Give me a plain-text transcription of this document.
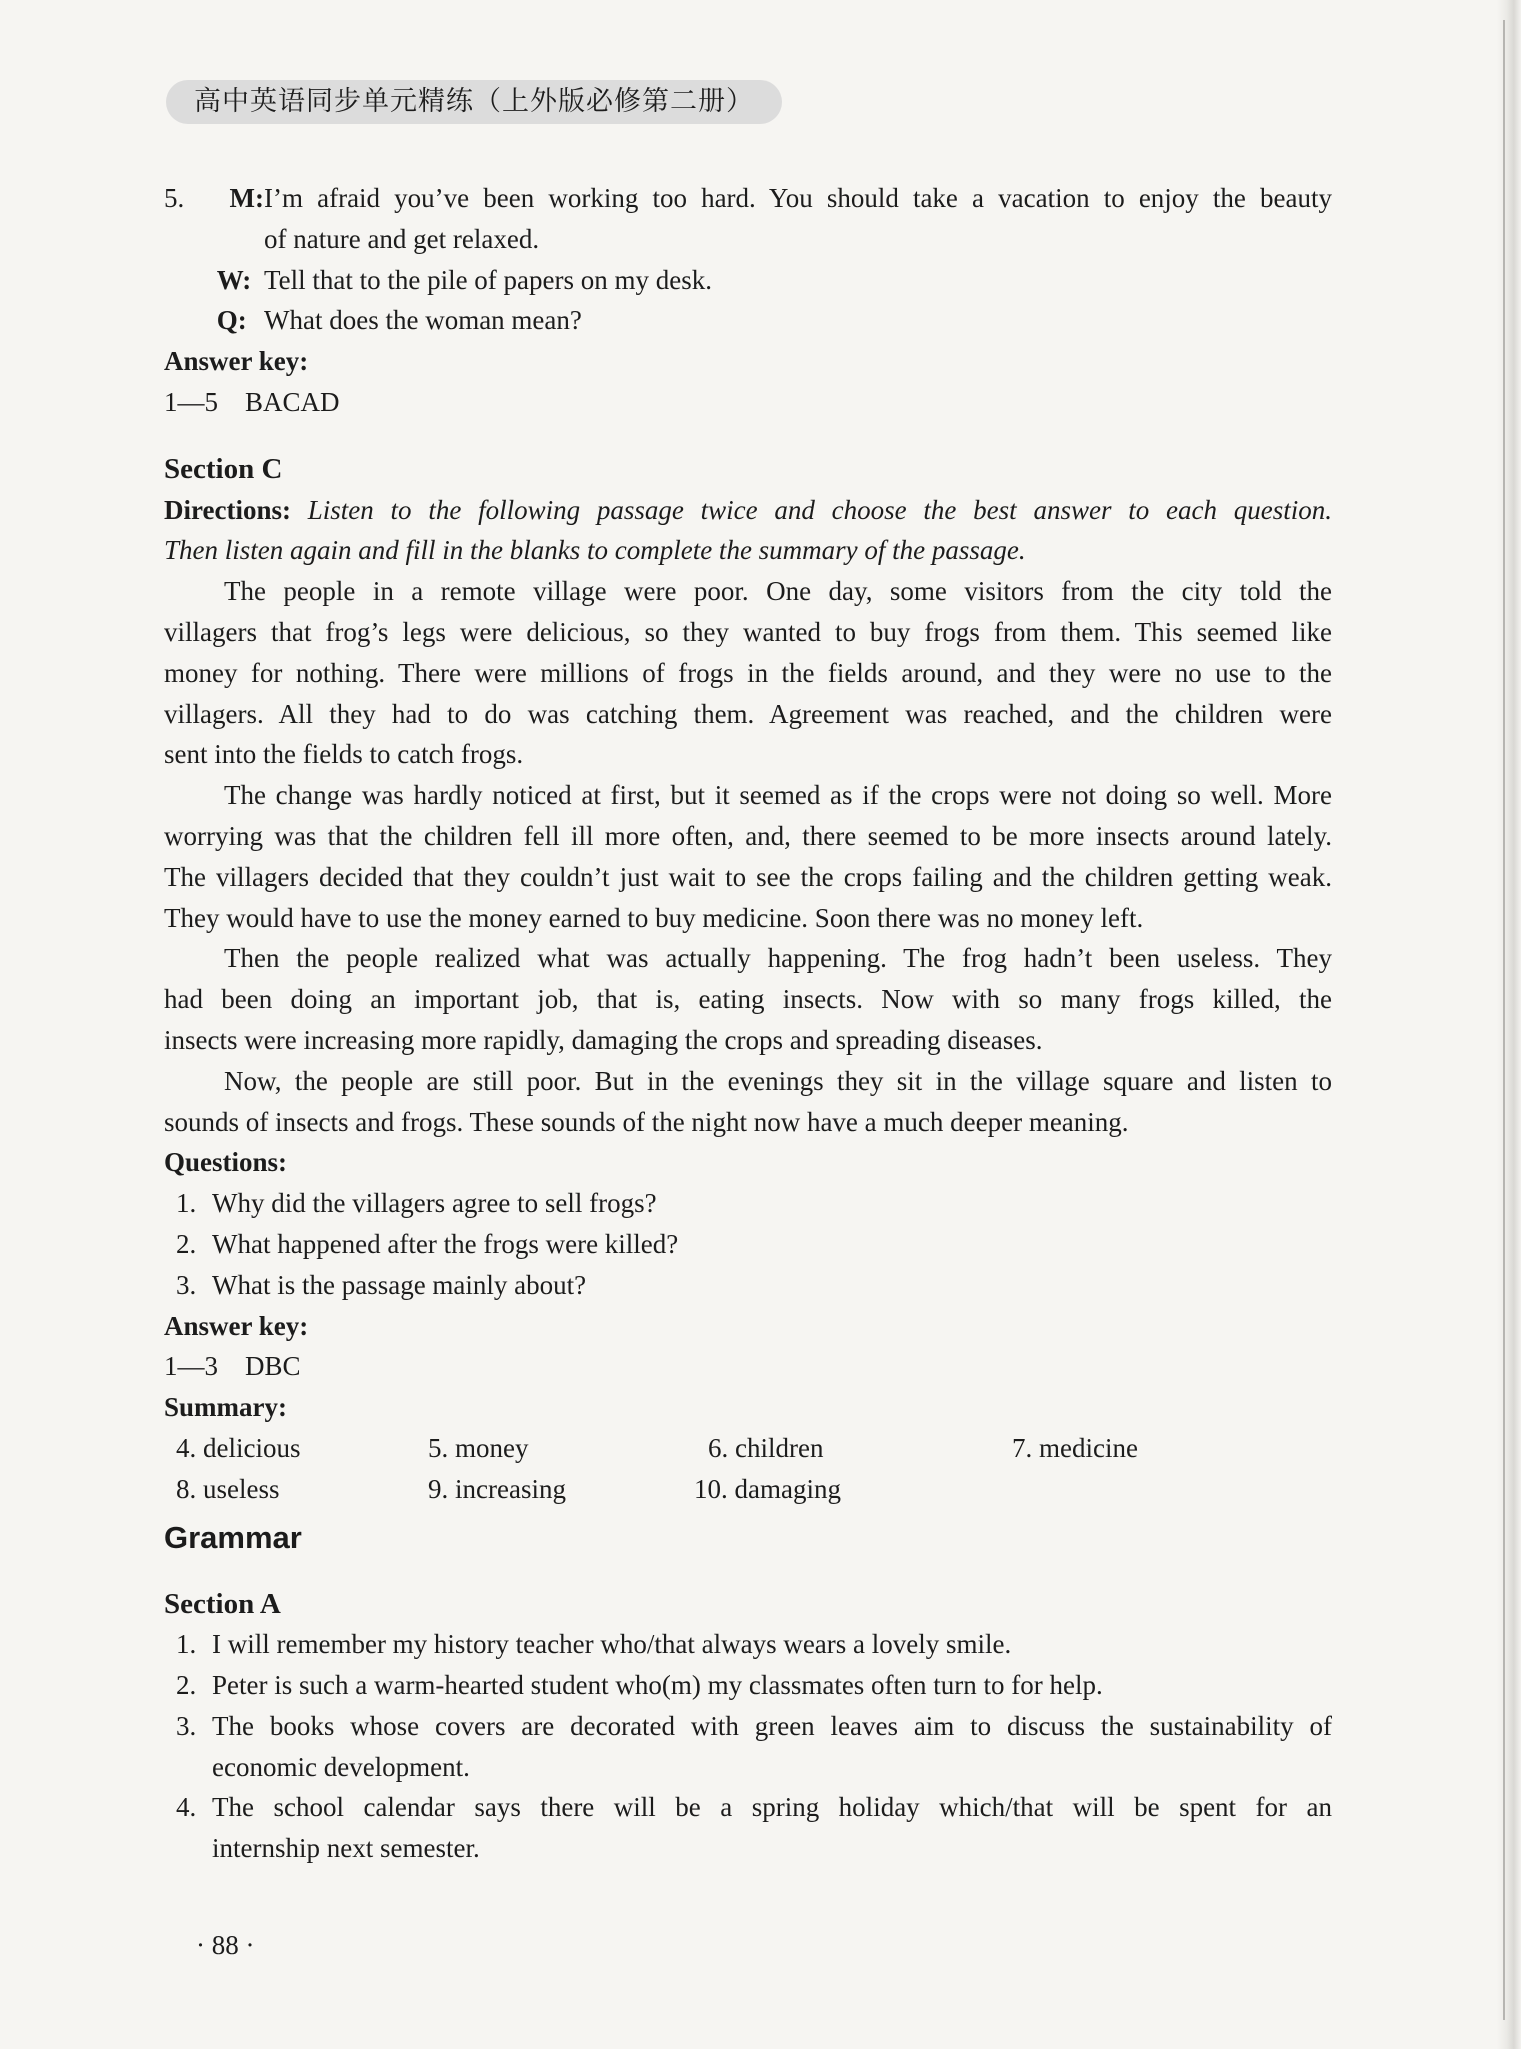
高中英语同步单元精练（上外版必修第二册）

5. M:I’m afraid you’ve been working too hard. You should take a vacation to enjoy the beauty

of nature and get relaxed.

W: Tell that to the pile of papers on my desk.

Q: What does the woman mean?

Answer key:

1—5　BACAD

Section C

Directions: Listen to the following passage twice and choose the best answer to each question.

Then listen again and fill in the blanks to complete the summary of the passage.

The people in a remote village were poor. One day, some visitors from the city told the

villagers that frog’s legs were delicious, so they wanted to buy frogs from them. This seemed like

money for nothing. There were millions of frogs in the fields around, and they were no use to the

villagers. All they had to do was catching them. Agreement was reached, and the children were

sent into the fields to catch frogs.

The change was hardly noticed at first, but it seemed as if the crops were not doing so well. More

worrying was that the children fell ill more often, and, there seemed to be more insects around lately.

The villagers decided that they couldn’t just wait to see the crops failing and the children getting weak.

They would have to use the money earned to buy medicine. Soon there was no money left.

Then the people realized what was actually happening. The frog hadn’t been useless. They

had been doing an important job, that is, eating insects. Now with so many frogs killed, the

insects were increasing more rapidly, damaging the crops and spreading diseases.

Now, the people are still poor. But in the evenings they sit in the village square and listen to

sounds of insects and frogs. These sounds of the night now have a much deeper meaning.

Questions:

1. Why did the villagers agree to sell frogs?

2. What happened after the frogs were killed?

3. What is the passage mainly about?

Answer key:

1—3　DBC

Summary:

4. delicious	5. money	6. children	7. medicine
8. useless	9. increasing	10. damaging

Grammar

Section A

1. I will remember my history teacher who/that always wears a lovely smile.

2. Peter is such a warm-hearted student who(m) my classmates often turn to for help.

3. The books whose covers are decorated with green leaves aim to discuss the sustainability of

economic development.

4. The school calendar says there will be a spring holiday which/that will be spent for an

internship next semester.

· 88 ·
